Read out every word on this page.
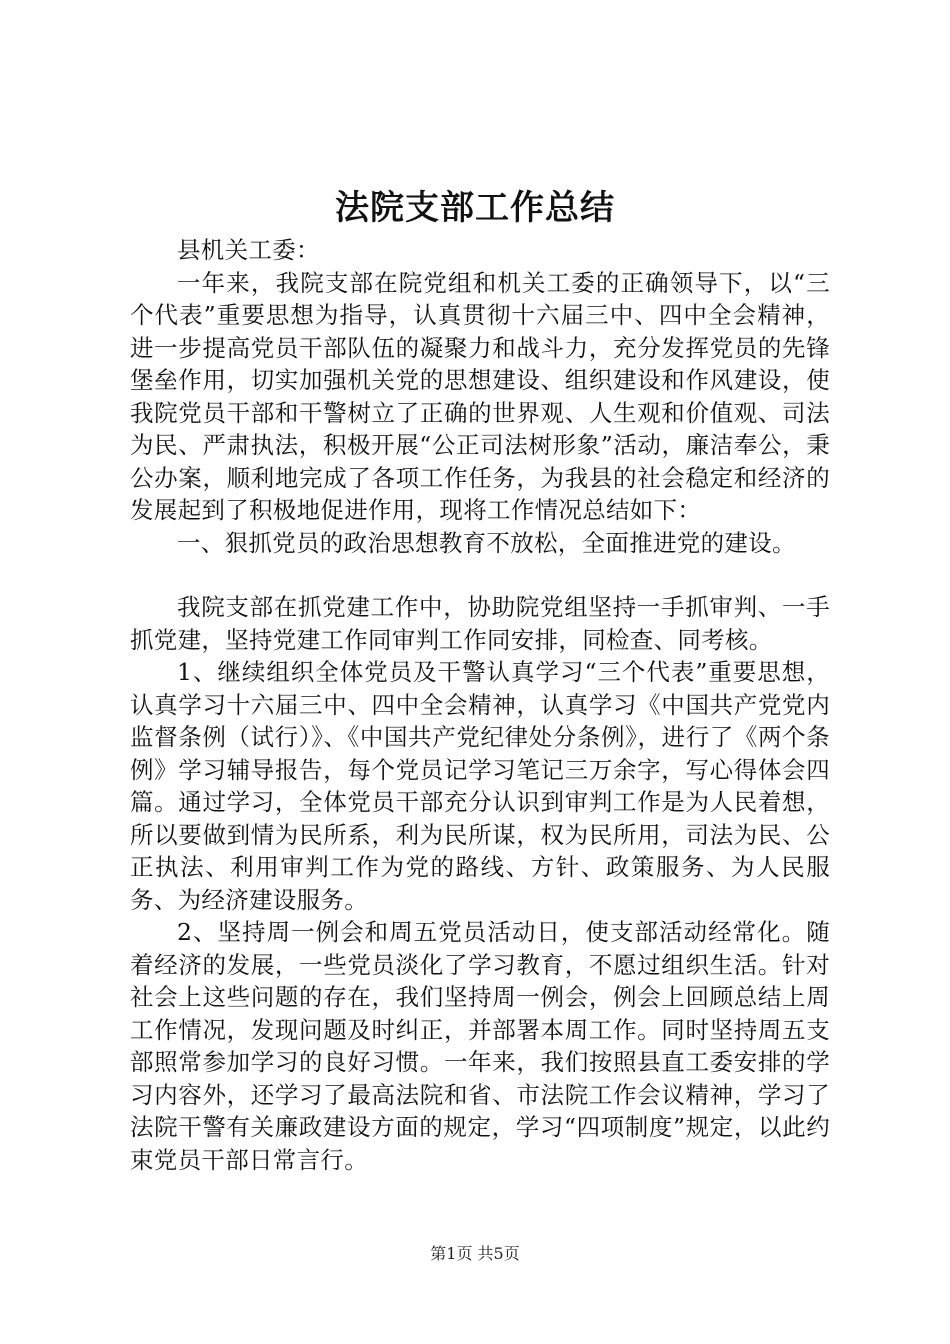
法院支部工作总结

县机关工委：

一年来，我院支部在院党组和机关工委的正确领导下，以“三个代表”重要思想为指导，认真贯彻十六届三中、四中全会精神，进一步提高党员干部队伍的凝聚力和战斗力，充分发挥党员的先锋堡垒作用，切实加强机关党的思想建设、组织建设和作风建设，使我院党员干部和干警树立了正确的世界观、人生观和价值观、司法为民、严肃执法，积极开展“公正司法树形象”活动，廉洁奉公，秉公办案，顺利地完成了各项工作任务，为我县的社会稳定和经济的发展起到了积极地促进作用，现将工作情况总结如下：

一、狠抓党员的政治思想教育不放松，全面推进党的建设。

我院支部在抓党建工作中，协助院党组坚持一手抓审判、一手抓党建，坚持党建工作同审判工作同安排，同检查、同考核。

1、继续组织全体党员及干警认真学习“三个代表”重要思想，认真学习十六届三中、四中全会精神，认真学习《中国共产党党内监督条例（试行）》、《中国共产党纪律处分条例》，进行了《两个条例》学习辅导报告，每个党员记学习笔记三万余字，写心得体会四篇。通过学习，全体党员干部充分认识到审判工作是为人民着想，所以要做到情为民所系，利为民所谋，权为民所用，司法为民、公正执法、利用审判工作为党的路线、方针、政策服务、为人民服务、为经济建设服务。

2、坚持周一例会和周五党员活动日，使支部活动经常化。随着经济的发展，一些党员淡化了学习教育，不愿过组织生活。针对社会上这些问题的存在，我们坚持周一例会，例会上回顾总结上周工作情况，发现问题及时纠正，并部署本周工作。同时坚持周五支部照常参加学习的良好习惯。一年来，我们按照县直工委安排的学习内容外，还学习了最高法院和省、市法院工作会议精神，学习了法院干警有关廉政建设方面的规定，学习“四项制度”规定，以此约束党员干部日常言行。

第1页 共5页
